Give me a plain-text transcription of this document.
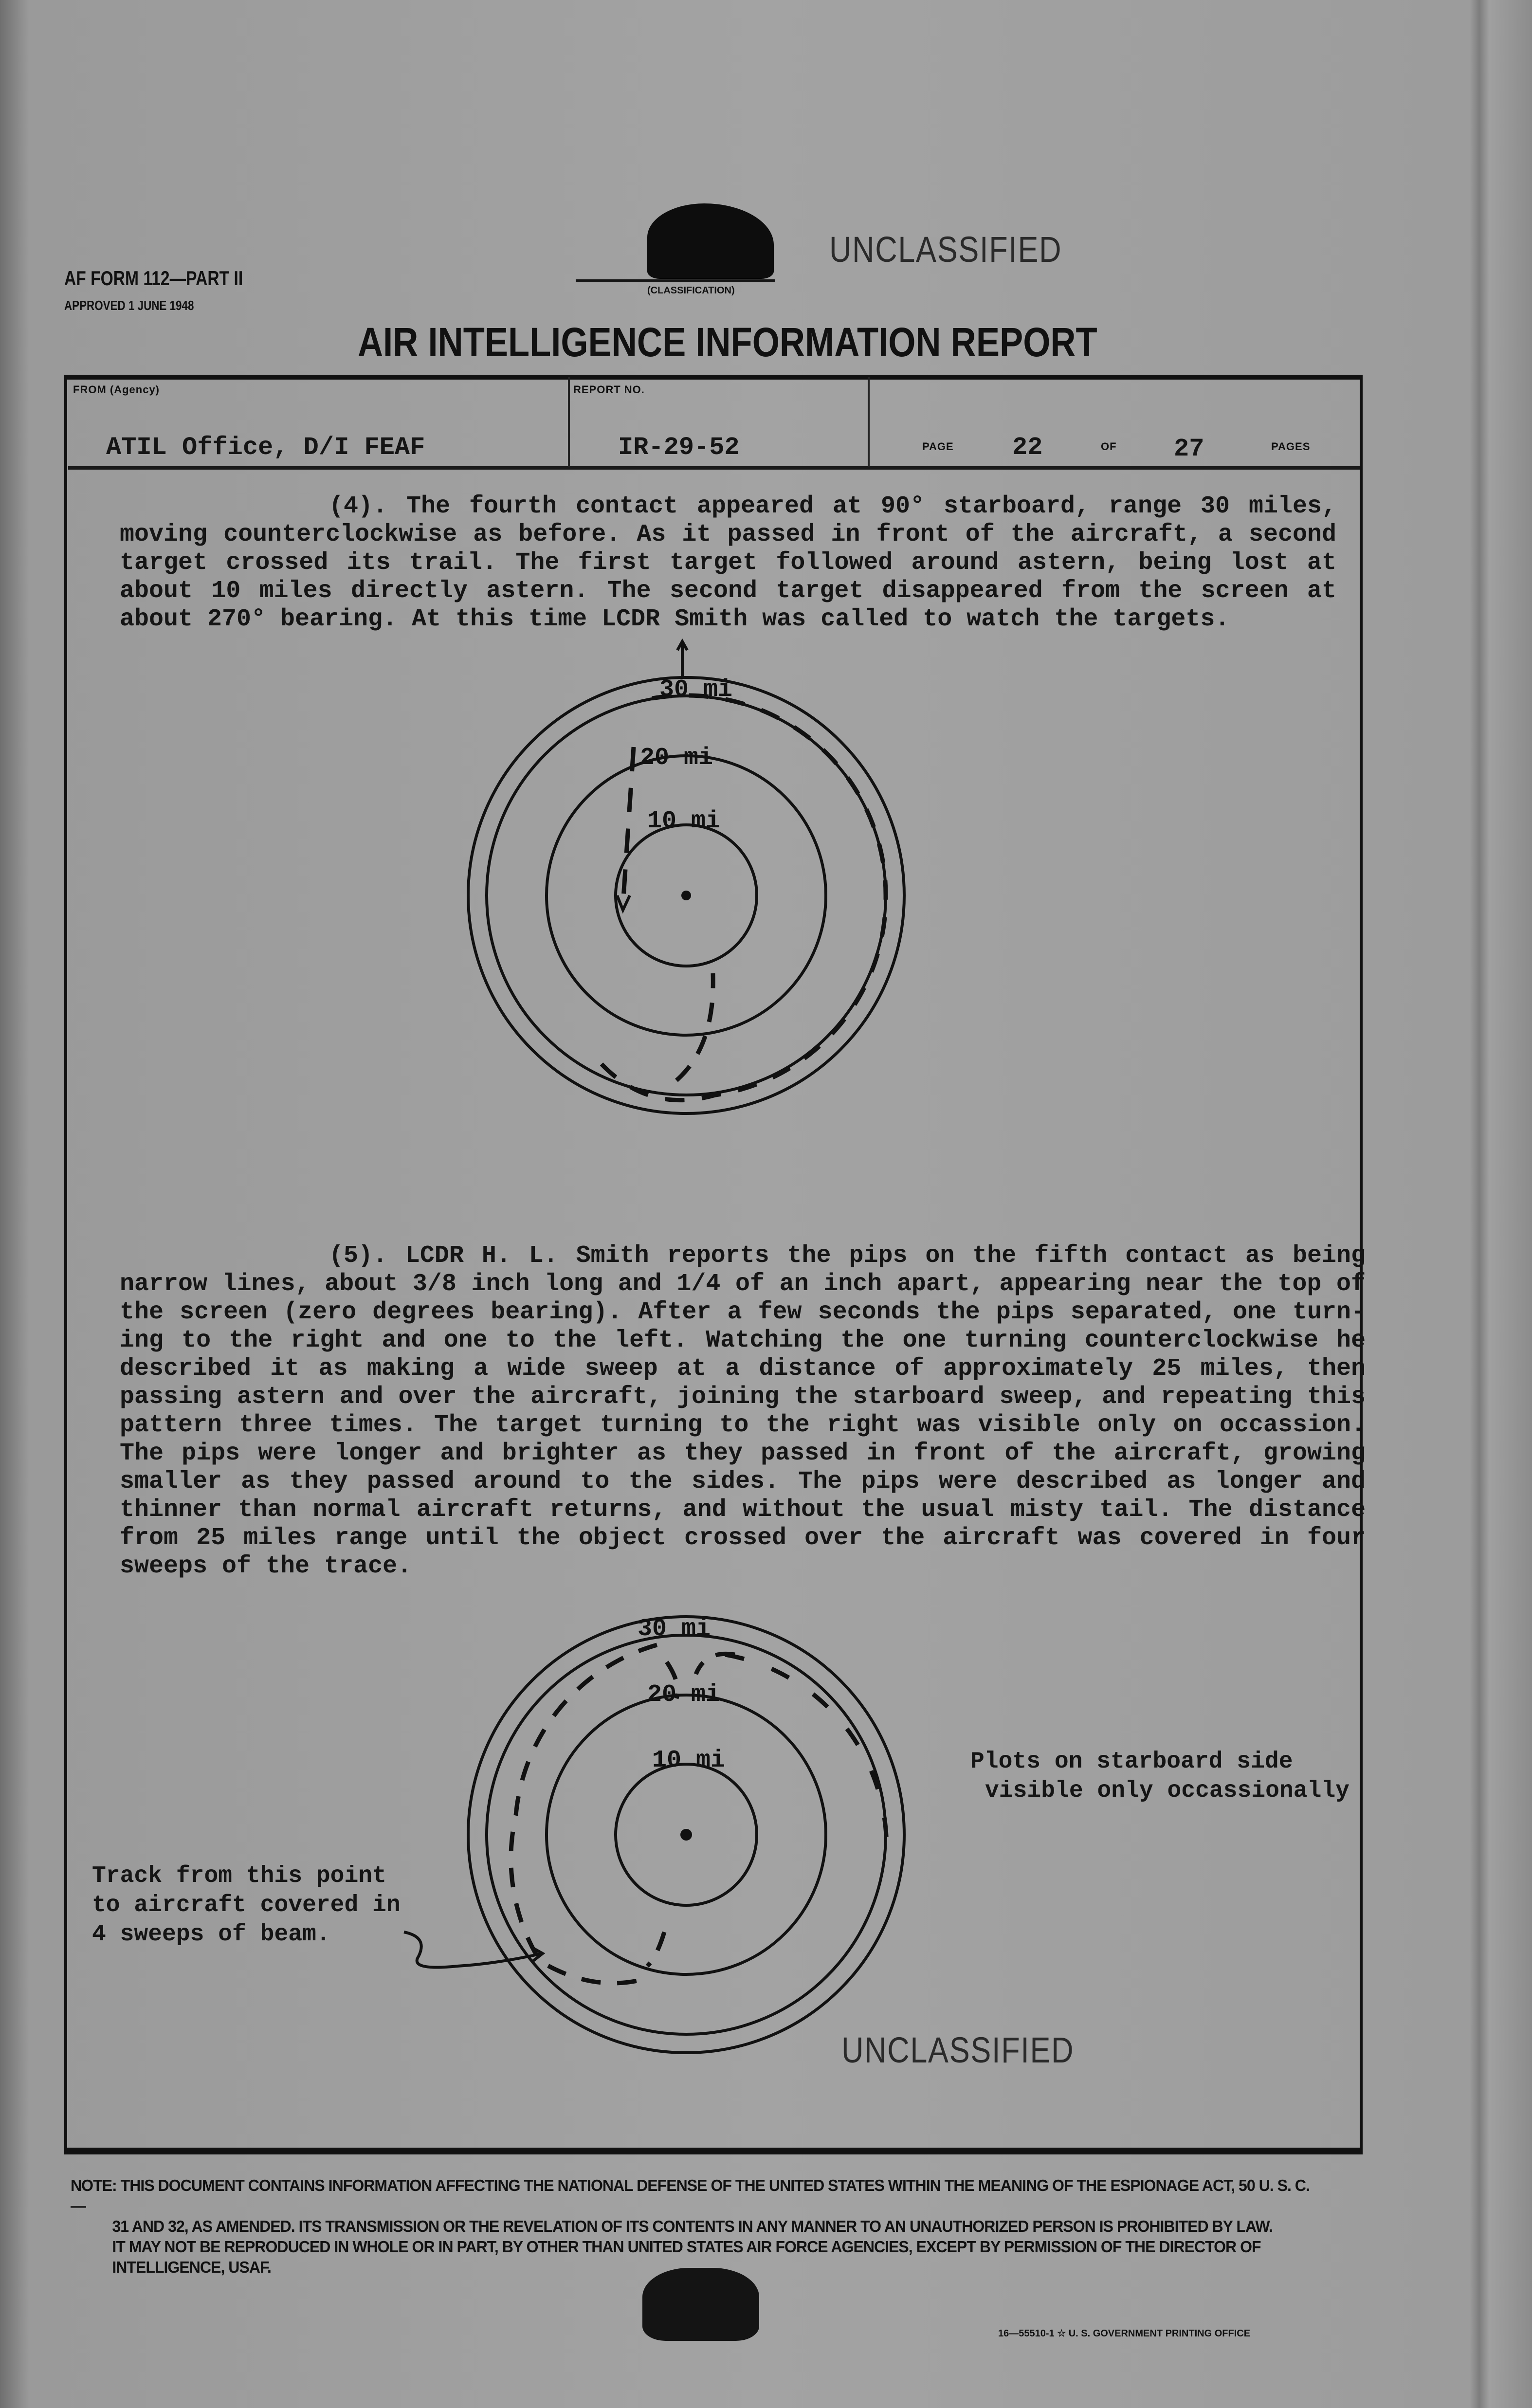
AF FORM 112—PART II
APPROVED 1 JUNE 1948
(CLASSIFICATION)
UNCLASSIFIED
AIR INTELLIGENCE INFORMATION REPORT
FROM (Agency)
ATIL Office, D/I FEAF
REPORT NO.
IR-29-52	PAGE 22	OF 27	PAGES
(4). The fourth contact appeared at 90° starboard, range 30 miles,
moving counterclockwise as before. As it passed in front of the aircraft, a second
target crossed its trail. The first target followed around astern, being lost at
about 10 miles directly astern. The second target disappeared from the screen at
about 270° bearing. At this time LCDR Smith was called to watch the targets.
30 mi
20 mi
10 mi
(5). LCDR H. L. Smith reports the pips on the fifth contact as being
narrow lines, about 3/8 inch long and 1/4 of an inch apart, appearing near the top of
the screen (zero degrees bearing). After a few seconds the pips separated, one turn-
ing to the right and one to the left. Watching the one turning counterclockwise he
described it as making a wide sweep at a distance of approximately 25 miles, then
passing astern and over the aircraft, joining the starboard sweep, and repeating this
pattern three times. The target turning to the right was visible only on occassion.
The pips were longer and brighter as they passed in front of the aircraft, growing
smaller as they passed around to the sides. The pips were described as longer and
thinner than normal aircraft returns, and without the usual misty tail. The distance
from 25 miles range until the object crossed over the aircraft was covered in four
sweeps of the trace.
30 mi
20 mi
10 mi	Plots on starboard side
visible only occassionally
Track from this point
to aircraft covered in
4 sweeps of beam.
UNCLASSIFIED
NOTE: THIS DOCUMENT CONTAINS INFORMATION AFFECTING THE NATIONAL DEFENSE OF THE UNITED STATES WITHIN THE MEANING OF THE ESPIONAGE ACT, 50 U. S. C.—
31 AND 32, AS AMENDED. ITS TRANSMISSION OR THE REVELATION OF ITS CONTENTS IN ANY MANNER TO AN UNAUTHORIZED PERSON IS PROHIBITED BY LAW.
IT MAY NOT BE REPRODUCED IN WHOLE OR IN PART, BY OTHER THAN UNITED STATES AIR FORCE AGENCIES, EXCEPT BY PERMISSION OF THE DIRECTOR OF
INTELLIGENCE, USAF.
16—55510-1 ☆ U. S. GOVERNMENT PRINTING OFFICE
